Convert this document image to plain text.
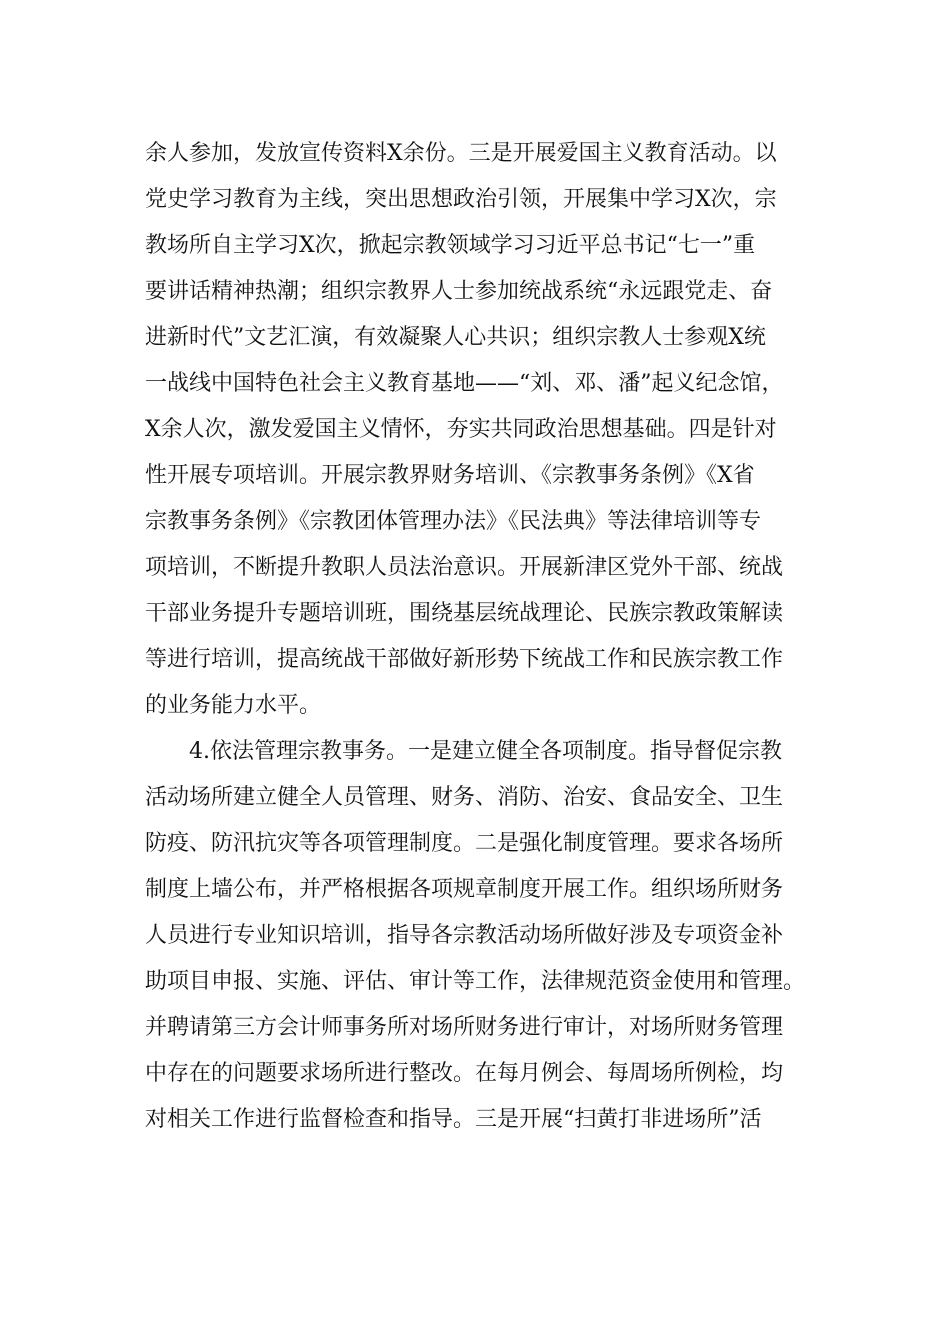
余人参加，发放宣传资料X余份。三是开展爱国主义教育活动。以
党史学习教育为主线，突出思想政治引领，开展集中学习X次，宗
教场所自主学习X次，掀起宗教领域学习习近平总书记“七一”重
要讲话精神热潮；组织宗教界人士参加统战系统“永远跟党走、奋
进新时代”文艺汇演，有效凝聚人心共识；组织宗教人士参观X统
一战线中国特色社会主义教育基地——“刘、邓、潘”起义纪念馆，
X余人次，激发爱国主义情怀，夯实共同政治思想基础。四是针对
性开展专项培训。开展宗教界财务培训、《宗教事务条例》《X省
宗教事务条例》《宗教团体管理办法》《民法典》等法律培训等专
项培训，不断提升教职人员法治意识。开展新津区党外干部、统战
干部业务提升专题培训班，围绕基层统战理论、民族宗教政策解读
等进行培训，提高统战干部做好新形势下统战工作和民族宗教工作
的业务能力水平。
4.依法管理宗教事务。一是建立健全各项制度。指导督促宗教
活动场所建立健全人员管理、财务、消防、治安、食品安全、卫生
防疫、防汛抗灾等各项管理制度。二是强化制度管理。要求各场所
制度上墙公布，并严格根据各项规章制度开展工作。组织场所财务
人员进行专业知识培训，指导各宗教活动场所做好涉及专项资金补
助项目申报、实施、评估、审计等工作，法律规范资金使用和管理。
并聘请第三方会计师事务所对场所财务进行审计，对场所财务管理
中存在的问题要求场所进行整改。在每月例会、每周场所例检，均
对相关工作进行监督检查和指导。三是开展“扫黄打非进场所”活
